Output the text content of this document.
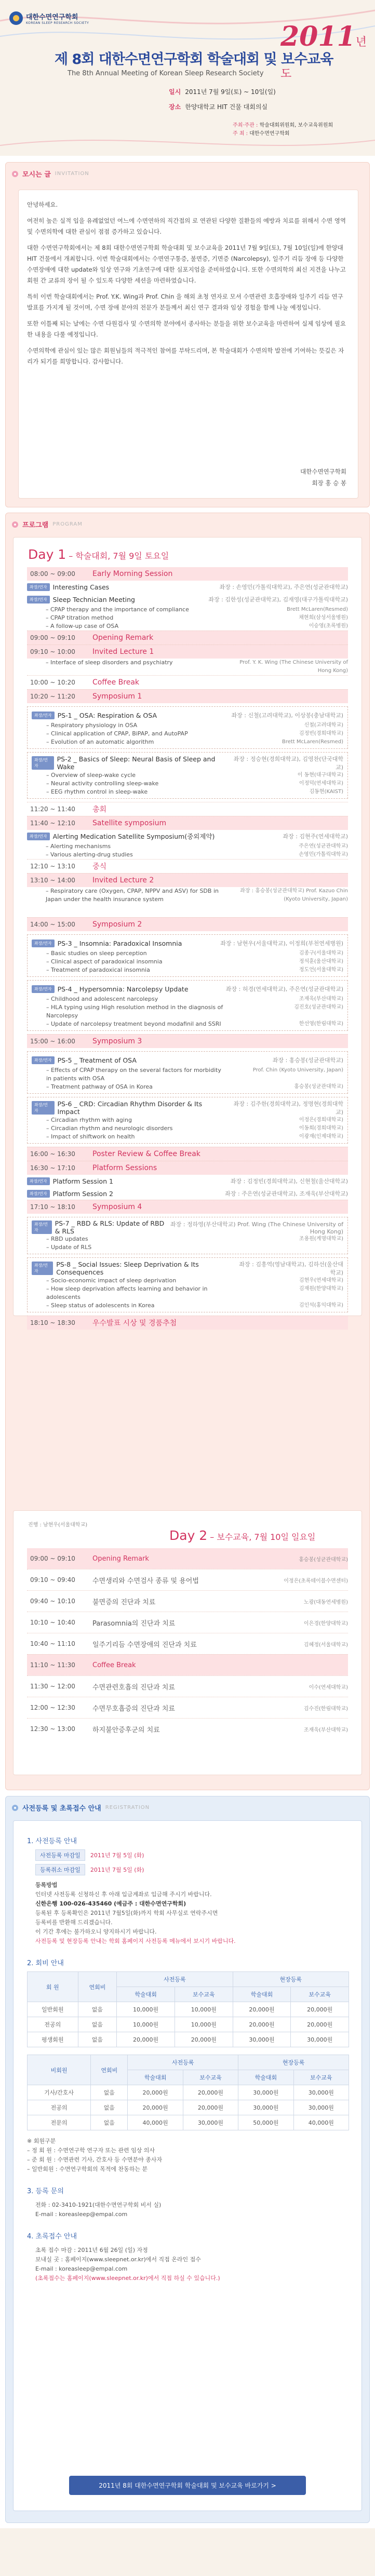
대한수면연구학회
KOREAN SLEEP RESEARCH SOCIETY	2011년도
제 8회 대한수면연구학회 학술대회 및 보수교육
The 8th Annual Meeting of Korean Sleep Research Society
일시 2011년 7월 9일(토) ~ 10일(일)
장소 한양대학교 HIT 건물 대회의실
주최·주관 : 학술대회위원회, 보수교육위원회
주 최 : 대한수면연구학회
모시는 글 INVITATION

안녕하세요.

여전히 높은 실적 입을 유례없었던 여느에 수면연하의 직간접의 로 연관된 다양한 질환들의 예방과 치료를 위해서 수면 영역 및 수면의학에 대한 관심이 점점 증가하고 있습니다.

대한 수면연구학회에서는 제 8회 대한수면연구학회 학술대회 및 보수교육을 2011년 7월 9일(토), 7월 10일(일)에 한양대 HIT 건물에서 개최합니다. 이번 학술대회에서는 수면연구통증, 불면증, 기면증 (Narcolepsy), 일주기 리듬 장애 등 다양한 수면장애에 대한 update와 임상 연구와 기초연구에 대한 심포지엄을 준비하였습니다. 또한 수면의학의 최신 지견을 나누고 회원 간 교류의 장이 될 수 있도록 다양한 세션을 마련하였습니다.

특히 이번 학술대회에서는 Prof. Y.K. Wing과 Prof. Chin 을 해외 초청 연자로 모셔 수면관련 호흡장애와 일주기 리듬 연구 발표를 가지게 될 것이며, 수면 장애 분야의 전문가 분들께서 최신 연구 결과와 임상 경험을 함께 나눌 예정입니다.

또한 이틀째 되는 날에는 수면 다원검사 및 수면의학 분야에서 종사하는 분들을 위한 보수교육을 마련하여 실제 임상에 필요한 내용을 다룰 예정입니다.

수면의학에 관심이 있는 많은 회원님들의 적극적인 참여를 부탁드리며, 본 학술대회가 수면의학 발전에 기여하는 뜻깊은 자리가 되기를 희망합니다. 감사합니다.

대한수면연구학회
회장 홍 승 봉
프로그램 PROGRAM
Day 1 – 학술대회, 7월 9일 토요일
08:00 ~ 09:00	Early Morning Session
좌장/연자 Interesting Cases	좌장 : 손영민(가톨릭대학교), 주은연(성균관대학교)
좌장/연자 Sleep Technician Meeting	좌장 : 김한성(성균관대학교), 김재영(대구가톨릭대학교)
– CPAP therapy and the importance of compliance	Brett McLaren(Resmed)
– CPAP titration method	채현희(삼성서울병원)
– A follow-up case of OSA	이승영(초록병원)
09:00 ~ 09:10	Opening Remark
09:10 ~ 10:00	Invited Lecture 1
– Interface of sleep disorders and psychiatry	Prof. Y. K. Wing (The Chinese University of Hong Kong)
10:00 ~ 10:20	Coffee Break
10:20 ~ 11:20	Symposium 1
좌장/연자 PS-1 _ OSA: Respiration & OSA	좌장 : 신철(고려대학교), 이상봉(충남대학교)
– Respiratory physiology in OSA	신철(고려대학교)
– Clinical application of CPAP, BiPAP, and AutoPAP	김정빈(경희대학교)
– Evolution of an automatic algorithm	Brett McLaren(Resmed)
좌장/연자
PS-2 _ Basics of Sleep: Neural Basis of Sleep and Wake
좌장 : 정승현(경희대학교), 김영찬(단국대학교)
– Overview of sleep-wake cycle	이 동현(대구대학교)
– Neural activity controlling sleep-wake	이정덕(연세대학교)
– EEG rhythm control in sleep-wake	김동현(KAIST)
11:20 ~ 11:40	총회
11:40 ~ 12:10	Satellite symposium
좌장/연자 Alerting Medication Satellite Symposium(중외제약)	좌장 : 김현주(연세대학교)
– Alerting mechanisms	주은연(성균관대학교)
– Various alerting-drug studies	손영민(가톨릭대학교)
12:10 ~ 13:10	중식
13:10 ~ 14:00	Invited Lecture 2
– Respiratory care (Oxygen, CPAP, NPPV and ASV) for SDB in Japan under the health insurance system
좌장 : 홍승봉(성균관대학교) Prof. Kazuo Chin (Kyoto University, Japan)
14:00 ~ 15:00	Symposium 2
좌장/연자 PS-3 _ Insomnia: Paradoxical Insomnia	좌장 : 남현우(서울대학교), 이정희(부천연세병원)
– Basic studies on sleep perception	김종구(서울대학교)
– Clinical aspect of paradoxical insomnia	정석훈(울산대학교)
– Treatment of paradoxical insomnia	정도언(서울대학교)
좌장/연자 PS-4 _ Hypersomnia: Narcolepsy Update	좌장 : 허경(연세대학교), 주은연(성균관대학교)
– Childhood and adolescent narcolepsy	조재욱(부산대학교)
– HLA typing using High resolution method in the diagnosis of Narcolepsy
김진호(성균관대학교)
– Update of narcolepsy treatment beyond modafinil and SSRI	한선영(한림대학교)
15:00 ~ 16:00	Symposium 3
좌장/연자 PS-5 _ Treatment of OSA	좌장 : 홍승봉(성균관대학교)
– Effects of CPAP therapy on the several factors for morbidity in patients with OSA
Prof. Chin (Kyoto University, Japan)
– Treatment pathway of OSA in Korea	홍승봉(성균관대학교)
좌장/연자
PS-6 _ CRD: Circadian Rhythm Disorder & Its Impact
좌장 : 김주한(경희대학교), 정명현(경희대학교)
– Circadian rhythm with aging	이정은(경희대학교)
– Circadian rhythm and neurologic disorders	이동희(경희대학교)
– Impact of shiftwork on health	이광재(인제대학교)
16:00 ~ 16:30	Poster Review & Coffee Break
16:30 ~ 17:10	Platform Sessions
좌장/연자 Platform Session 1	좌장 : 김정빈(경희대학교), 신현철(울산대학교)
좌장/연자 Platform Session 2	좌장 : 주은연(성균관대학교), 조재욱(부산대학교)
17:10 ~ 18:10	Symposium 4
좌장/연자
PS-7 _ RBD & RLS: Update of RBD & RLS
좌장 : 정하영(부산대학교) Prof. Wing (The Chinese University of Hong Kong)
– RBD updates	조용원(계명대학교)
– Update of RLS
좌장/연자
PS-8 _ Social Issues: Sleep Deprivation & Its Consequences
좌장 : 김흥역(영남대학교), 김하선(울산대학교)
– Socio-economic impact of sleep deprivation	김현우(연세대학교)
– How sleep deprivation affects learning and behavior in adolescents
김재원(한양대학교)
– Sleep status of adolescents in Korea	김인석(홍익대학교)
18:10 ~ 18:30	우수발표 시상 및 경품추첨
진행 : 남현우(서울대학교)
Day 2 – 보수교육, 7월 10일 일요일
09:00 ~ 09:10	Opening Remark	홍승봉(성균관대학교)
09:10 ~ 09:40	수면생리와 수면검사 종류 및 용어법	이정은(초록테이블수면센터)
09:40 ~ 10:10	불면증의 진단과 치료	노광(대동연세병원)
10:10 ~ 10:40	Parasomnia의 진단과 치료	이은경(한양대학교)
10:40 ~ 11:10	일주기리듬 수면장애의 진단과 치료	김혜정(서울대학교)
11:10 ~ 11:30	Coffee Break
11:30 ~ 12:00	수면관련호흡의 진단과 치료	이수(연세대학교)
12:00 ~ 12:30	수면무호흡증의 진단과 치료	김수진(한림대학교)
12:30 ~ 13:00	하지불안증후군의 치료	조재욱(부산대학교)
사전등록 및 초록접수 안내 REGISTRATION
1. 사전등록 안내
사전등록 마감일	2011년 7월 5일 (화)
등록취소 마감일	2011년 7월 5일 (화)
등록방법
인터넷 사전등록 신청하신 후 아래 입금계좌로 입금해 주시기 바랍니다.
신한은행 100-026-435460 (예금주 : 대한수면연구학회)
등록된 후 등록확인은 2011년 7월5일(화)까지 학회 사무실로 연락주시면
등록비를 반환해 드리겠습니다.
이 기간 후에는 불가하오니 양지하시기 바랍니다.
사전등록 및 현장등록 안내는 학회 홈페이지 사전등록 메뉴에서 보시기 바랍니다.
2. 회비 안내
회 원	연회비	사전등록		현장등록	
		학술대회	보수교육	학술대회	보수교육
일반회원	없음	10,000원	10,000원	20,000원	20,000원
전공의	없음	10,000원	10,000원	20,000원	20,000원
평생회원	없음	20,000원	20,000원	30,000원	30,000원
비회원	연회비	사전등록		현장등록	
		학술대회	보수교육	학술대회	보수교육
기사/간호사	없음	20,000원	20,000원	30,000원	30,000원
전공의	없음	20,000원	20,000원	30,000원	30,000원
전문의	없음	40,000원	30,000원	50,000원	40,000원
※ 회원구분
– 정 회 원 : 수면연구학 연구자 또는 관련 임상 의사
– 준 회 원 : 수면관련 기사, 간호사 등 수면분야 종사자
– 일반회원 : 수면연구학회의 목적에 찬동하는 분
3. 등록 문의
전화 : 02-3410-1921(대한수면연구학회 비서 실)
E-mail : koreasleep@empal.com
4. 초록접수 안내
초록 접수 마감 : 2011년 6월 26일 (일) 자정
보내실 곳 : 홈페이지(www.sleepnet.or.kr)에서 직접 온라인 접수
E-mail : koreasleep@empal.com
(초록접수는 홈페이지(www.sleepnet.or.kr)에서 직접 하실 수 있습니다.)
2011년 8회 대한수면연구학회 학술대회 및 보수교육 바로가기 >
